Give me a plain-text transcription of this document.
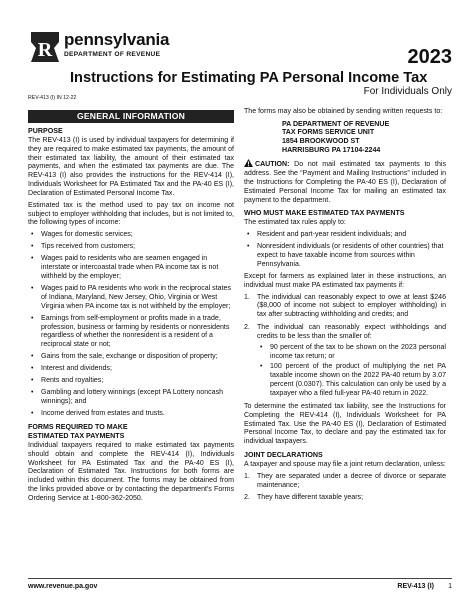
R pennsylvania
DEPARTMENT OF REVENUE	2023
Instructions for Estimating PA Personal Income Tax
For Individuals Only
REV-413 (I) IN 12-22
GENERAL INFORMATION
PURPOSE

The REV-413 (I) is used by individual taxpayers for determining if they are required to make estimated tax payments, the amount of their estimated tax liability, the amount of their estimated tax payments, and when the estimated tax payments are due. The REV-413 (I) also provides the instructions for the REV-414 (I), Individuals Worksheet for PA Estimated Tax and the PA-40 ES (I), Declaration of Estimated Personal Income Tax.

Estimated tax is the method used to pay tax on income not subject to employer withholding that includes, but is not limited to, the following types of income:

• Wages for domestic services;
• Tips received from customers;
• Wages paid to residents who are seamen engaged in interstate or intercoastal trade when PA income tax is not withheld by the employer;
• Wages paid to PA residents who work in the reciprocal states of Indiana, Maryland, New Jersey, Ohio, Virginia or West Virginia when PA income tax is not withheld by the employer;
• Earnings from self-employment or profits made in a trade, profession, business or farming by residents or nonresidents regardless of whether the nonresident is a resident of a reciprocal state or not;
• Gains from the sale, exchange or disposition of property;
• Interest and dividends;
• Rents and royalties;
• Gambling and lottery winnings (except PA Lottery noncash winnings); and
• Income derived from estates and trusts.
FORMS REQUIRED TO MAKE
ESTIMATED TAX PAYMENTS

Individual taxpayers required to make estimated tax payments should obtain and complete the REV-414 (I), Individuals Worksheet for PA Estimated Tax and the PA-40 ES (I), Declaration of Estimated Tax. Instructions for both forms are included within this document. The forms may be obtained from the links provided above or by contacting the department's Forms Ordering Service at 1-800-362-2050.

The forms may also be obtained by sending written requests to:

PA DEPARTMENT OF REVENUE
TAX FORMS SERVICE UNIT
1854 BROOKWOOD ST
HARRISBURG PA 17104-2244
CAUTION: Do not mail estimated tax payments to this address. See the “Payment and Mailing Instructions” included in the Instructions for Completing the PA-40 ES (I), Declaration of Estimated Personal Income Tax for mailing an estimated tax payment to the department.
WHO MUST MAKE ESTIMATED TAX PAYMENTS

The estimated tax rules apply to:

• Resident and part-year resident individuals; and
• Nonresident individuals (or residents of other countries) that expect to have taxable income from sources within Pennsylvania.

Except for farmers as explained later in these instructions, an individual must make PA estimated tax payments if:

1. The individual can reasonably expect to owe at least $246 ($8,000 of income not subject to employer withholding) in tax after subtracting withholding and credits; and
2. The individual can reasonably expect withholdings and credits to be less than the smaller of:
• 90 percent of the tax to be shown on the 2023 personal income tax return; or
• 100 percent of the product of multiplying the net PA taxable income shown on the 2022 PA-40 return by 3.07 percent (0.0307). This calculation can only be used by a taxpayer who a filed full-year PA-40 return in 2022.

To determine the estimated tax liability, see the Instructions for Completing the REV-414 (I), Individuals Worksheet for PA Estimated Tax. Use the PA-40 ES (I), Declaration of Estimated Personal Income Tax, to declare and pay the estimated tax for individual taxpayers.

JOINT DECLARATIONS

A taxpayer and spouse may file a joint return declaration, unless:

1. They are separated under a decree of divorce or separate maintenance;
2. They have different taxable years;
www.revenue.pa.gov	REV-413 (I) 1
